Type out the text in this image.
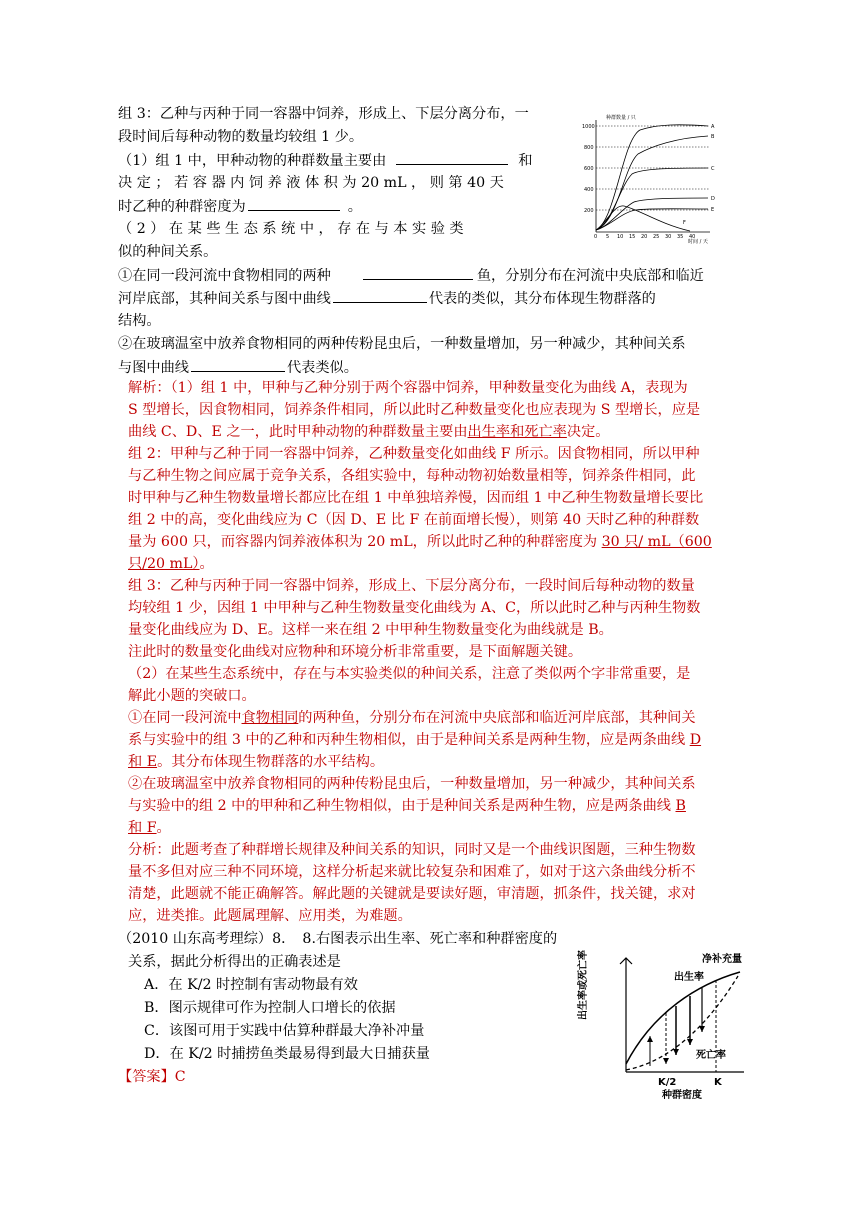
组 3：乙种与丙种于同一容器中饲养，形成上、下层分离分布，一
段时间后每种动物的数量均较组 1 少。
（1）组 1 中，甲种动物的种群数量主要由	和
决 定 ； 若 容 器 内 饲 养 液 体 积 为 20 mL ， 则 第 40 天
时乙种的种群密度为	。
（ 2 ） 在 某 些 生 态 系 统 中 ， 存 在 与 本 实 验 类
似的种间关系。
①在同一段河流中食物相同的两种	鱼，分别分布在河流中央底部和临近
河岸底部，其种间关系与图中曲线	代表的类似，其分布体现生物群落的
结构。
②在玻璃温室中放养食物相同的两种传粉昆虫后，一种数量增加，另一种减少，其种间关系
与图中曲线	代表类似。
种群数量 / 只
时间 / 天
1000
800
600
400
200
0 5 10 15 20 25 30 35 40
A
B
C
D
E
F
解析：（1）组 1 中，甲种与乙种分别于两个容器中饲养，甲种数量变化为曲线 A，表现为
S 型增长，因食物相同，饲养条件相同，所以此时乙种数量变化也应表现为 S 型增长，应是
曲线 C、D、E 之一，此时甲种动物的种群数量主要由出生率和死亡率决定。
组 2：甲种与乙种于同一容器中饲养，乙种数量变化如曲线 F 所示。因食物相同，所以甲种
与乙种生物之间应属于竞争关系，各组实验中，每种动物初始数量相等，饲养条件相同，此
时甲种与乙种生物数量增长都应比在组 1 中单独培养慢，因而组 1 中乙种生物数量增长要比
组 2 中的高，变化曲线应为 C（因 D、E 比 F 在前面增长慢），则第 40 天时乙种的种群数
量为 600 只，而容器内饲养液体积为 20 mL，所以此时乙种的种群密度为 30 只/ mL（600
只/20 mL）。
组 3：乙种与丙种于同一容器中饲养，形成上、下层分离分布，一段时间后每种动物的数量
均较组 1 少，因组 1 中甲种与乙种生物数量变化曲线为 A、C，所以此时乙种与丙种生物数
量变化曲线应为 D、E。这样一来在组 2 中甲种生物数量变化为曲线就是 B。
注此时的数量变化曲线对应物种和环境分析非常重要，是下面解题关键。
（2）在某些生态系统中，存在与本实验类似的种间关系，注意了类似两个字非常重要，是
解此小题的突破口。
①在同一段河流中食物相同的两种鱼，分别分布在河流中央底部和临近河岸底部，其种间关
系与实验中的组 3 中的乙种和丙种生物相似，由于是种间关系是两种生物，应是两条曲线 D
和 E。其分布体现生物群落的水平结构。
②在玻璃温室中放养食物相同的两种传粉昆虫后，一种数量增加，另一种减少，其种间关系
与实验中的组 2 中的甲种和乙种生物相似，由于是种间关系是两种生物，应是两条曲线 B
和 F。
分析：此题考查了种群增长规律及种间关系的知识，同时又是一个曲线识图题，三种生物数
量不多但对应三种不同环境，这样分析起来就比较复杂和困难了，如对于这六条曲线分析不
清楚，此题就不能正确解答。解此题的关键就是要读好题，审清题，抓条件，找关键，求对
应，进类推。此题属理解、应用类，为难题。
（2010 山东高考理综）8．　8.右图表示出生率、死亡率和种群密度的
关系，据此分析得出的正确表述是
A．在 K/2 时控制有害动物最有效
B．图示规律可作为控制人口增长的依据
C．该图可用于实践中估算种群最大净补冲量
D．在 K/2 时捕捞鱼类最易得到最大日捕获量
【答案】C
净补充量
出生率
死亡率
K/2	K
种群密度
出生率或死亡率
